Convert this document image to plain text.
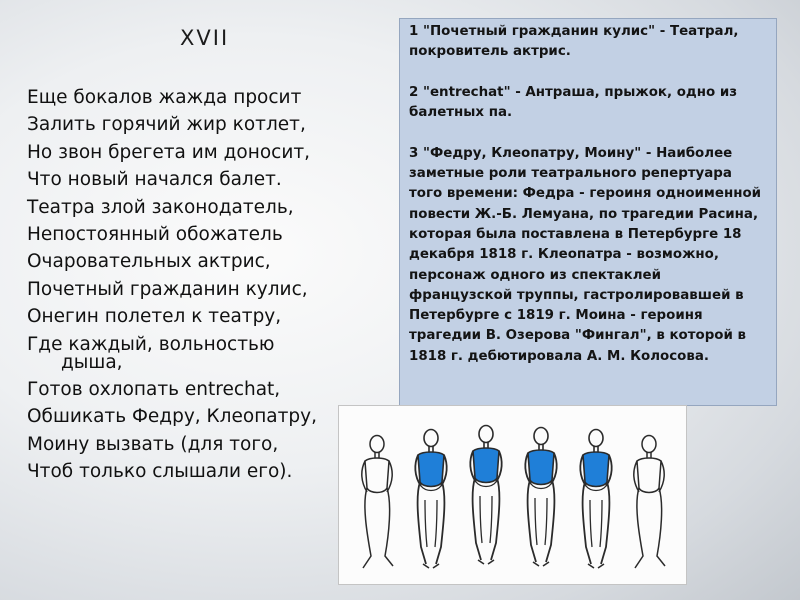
XVII
Еще бокалов жажда просит
Залить горячий жир котлет,
Но звон брегета им доносит,
Что новый начался балет.
Театра злой законодатель,
Непостоянный обожатель
Очаровательных актрис,
Почетный гражданин кулис,
Онегин полетел к театру,
Где каждый, вольностью
дыша,
Готов охлопать entrechat,
Обшикать Федру, Клеопатру,
Моину вызвать (для того,
Чтоб только слышали его).

1 "Почетный гражданин кулис" - Театрал, покровитель актрис.

2 "entrechat" - Антраша, прыжок, одно из балетных па.

3 "Федру, Клеопатру, Моину" - Наиболее заметные роли театрального репертуара того времени: Федра - героиня одноименной повести Ж.-Б. Лемуана, по трагедии Расина, которая была поставлена в Петербурге 18 декабря 1818 г. Клеопатра - возможно, персонаж одного из спектаклей французской труппы, гастролировавшей в Петербурге с 1819 г. Моина - героиня трагедии В. Озерова "Фингал", в которой в 1818 г. дебютировала А. М. Колосова.
